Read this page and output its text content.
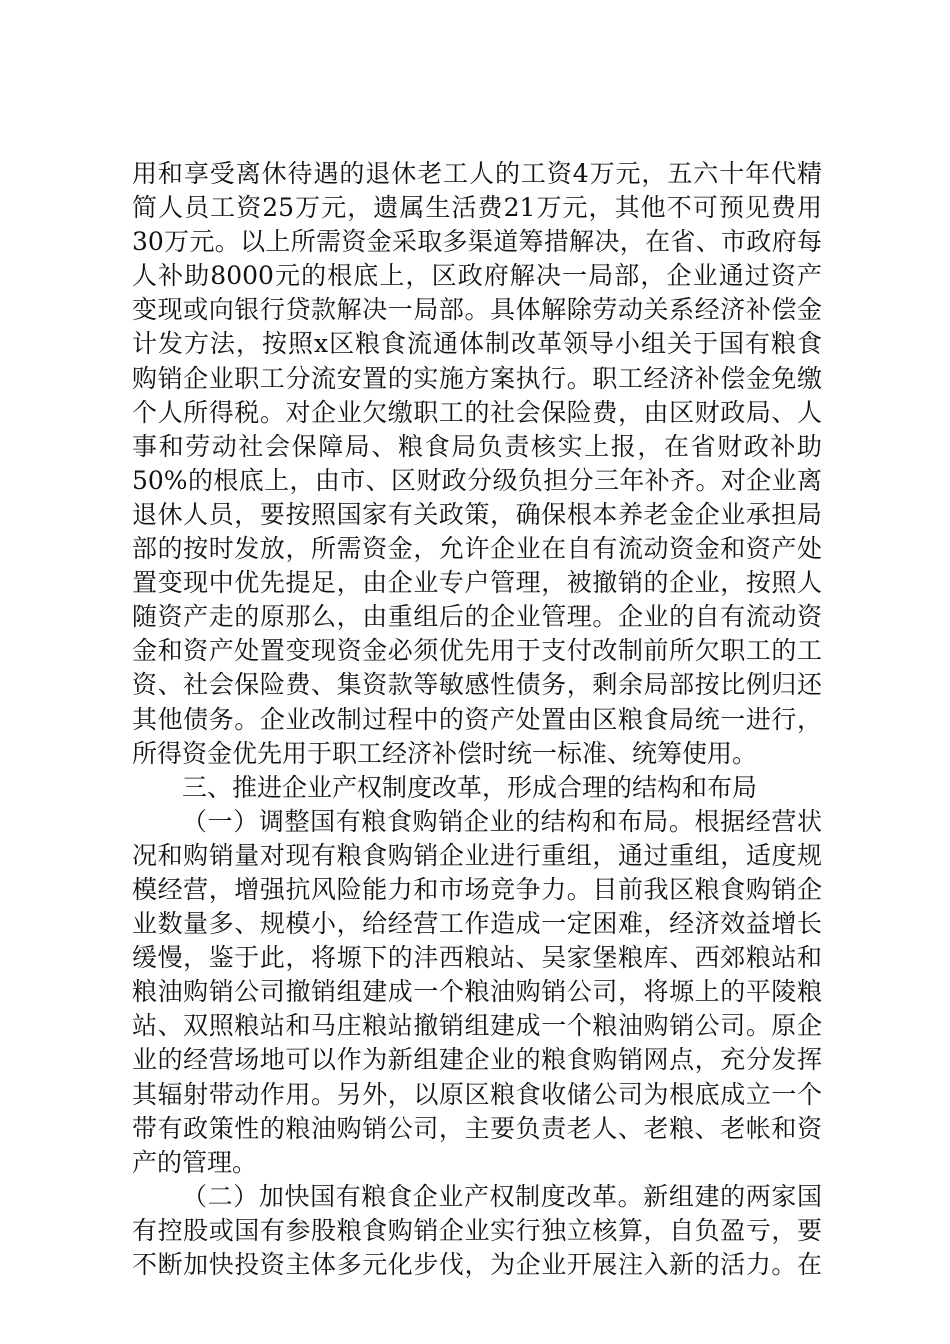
用和享受离休待遇的退休老工人的工资4万元，五六十年代精
简人员工资25万元，遗属生活费21万元，其他不可预见费用
30万元。以上所需资金采取多渠道筹措解决，在省、市政府每
人补助8000元的根底上，区政府解决一局部，企业通过资产
变现或向银行贷款解决一局部。具体解除劳动关系经济补偿金
计发方法，按照x区粮食流通体制改革领导小组关于国有粮食
购销企业职工分流安置的实施方案执行。职工经济补偿金免缴
个人所得税。对企业欠缴职工的社会保险费，由区财政局、人
事和劳动社会保障局、粮食局负责核实上报，在省财政补助
50%的根底上，由市、区财政分级负担分三年补齐。对企业离
退休人员，要按照国家有关政策，确保根本养老金企业承担局
部的按时发放，所需资金，允许企业在自有流动资金和资产处
置变现中优先提足，由企业专户管理，被撤销的企业，按照人
随资产走的原那么，由重组后的企业管理。企业的自有流动资
金和资产处置变现资金必须优先用于支付改制前所欠职工的工
资、社会保险费、集资款等敏感性债务，剩余局部按比例归还
其他债务。企业改制过程中的资产处置由区粮食局统一进行，
所得资金优先用于职工经济补偿时统一标准、统筹使用。
三、推进企业产权制度改革，形成合理的结构和布局
（一）调整国有粮食购销企业的结构和布局。根据经营状
况和购销量对现有粮食购销企业进行重组，通过重组，适度规
模经营，增强抗风险能力和市场竞争力。目前我区粮食购销企
业数量多、规模小，给经营工作造成一定困难，经济效益增长
缓慢，鉴于此，将塬下的沣西粮站、吴家堡粮库、西郊粮站和
粮油购销公司撤销组建成一个粮油购销公司，将塬上的平陵粮
站、双照粮站和马庄粮站撤销组建成一个粮油购销公司。原企
业的经营场地可以作为新组建企业的粮食购销网点，充分发挥
其辐射带动作用。另外，以原区粮食收储公司为根底成立一个
带有政策性的粮油购销公司，主要负责老人、老粮、老帐和资
产的管理。
（二）加快国有粮食企业产权制度改革。新组建的两家国
有控股或国有参股粮食购销企业实行独立核算，自负盈亏，要
不断加快投资主体多元化步伐，为企业开展注入新的活力。在
